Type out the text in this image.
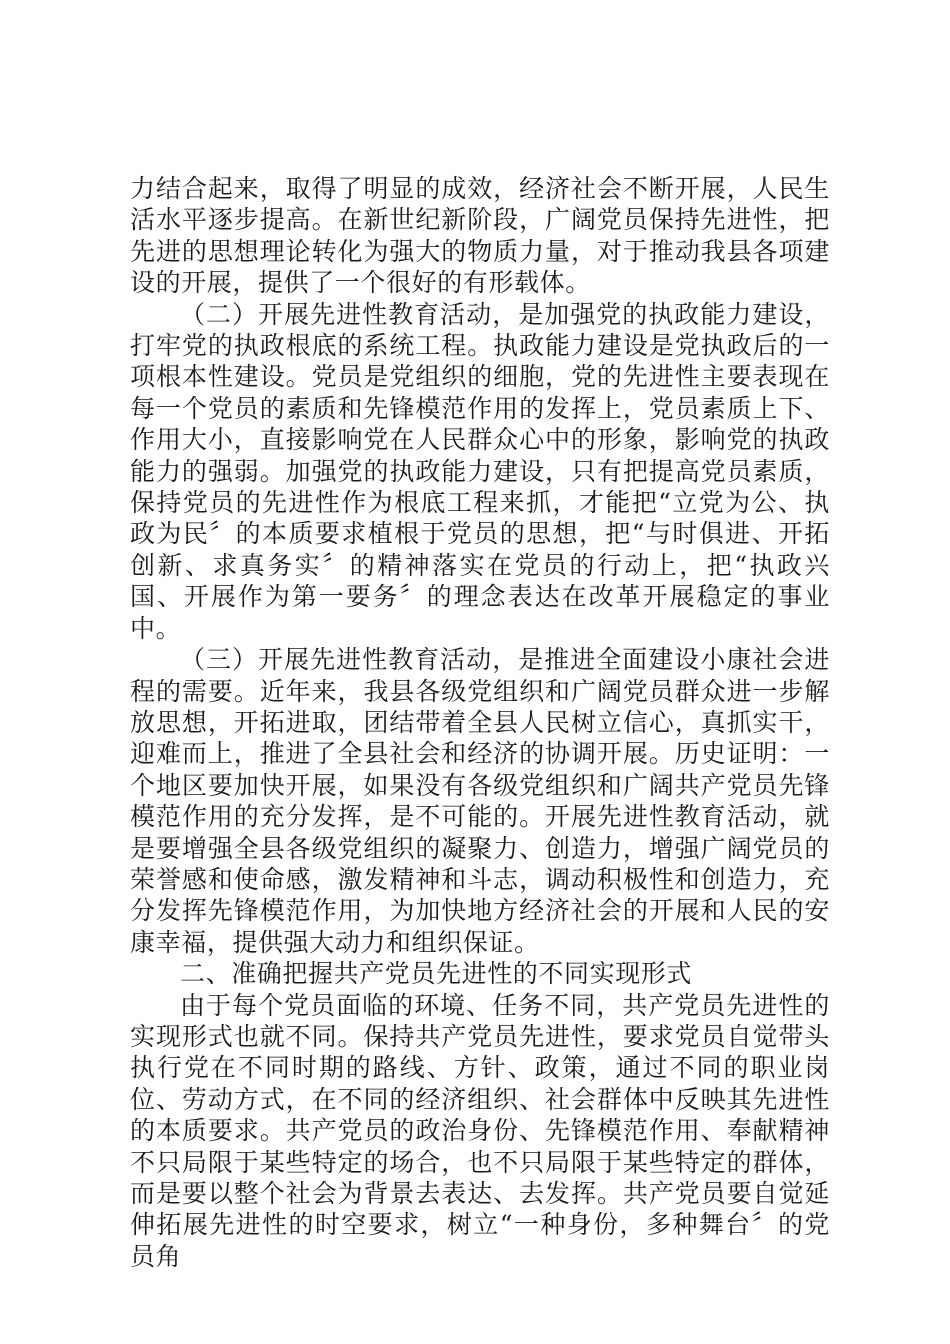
力结合起来，取得了明显的成效，经济社会不断开展，人民生活水平逐步提高。在新世纪新阶段，广阔党员保持先进性，把先进的思想理论转化为强大的物质力量，对于推动我县各项建设的开展，提供了一个很好的有形载体。

（二）开展先进性教育活动，是加强党的执政能力建设，打牢党的执政根底的系统工程。执政能力建设是党执政后的一项根本性建设。党员是党组织的细胞，党的先进性主要表现在每一个党员的素质和先锋模范作用的发挥上，党员素质上下、作用大小，直接影响党在人民群众心中的形象，影响党的执政能力的强弱。加强党的执政能力建设，只有把提高党员素质，保持党员的先进性作为根底工程来抓，才能把“立党为公、执政为民〞的本质要求植根于党员的思想，把“与时俱进、开拓创新、求真务实〞的精神落实在党员的行动上，把“执政兴国、开展作为第一要务〞的理念表达在改革开展稳定的事业中。

（三）开展先进性教育活动，是推进全面建设小康社会进程的需要。近年来，我县各级党组织和广阔党员群众进一步解放思想，开拓进取，团结带着全县人民树立信心，真抓实干，迎难而上，推进了全县社会和经济的协调开展。历史证明：一个地区要加快开展，如果没有各级党组织和广阔共产党员先锋模范作用的充分发挥，是不可能的。开展先进性教育活动，就是要增强全县各级党组织的凝聚力、创造力，增强广阔党员的荣誉感和使命感，激发精神和斗志，调动积极性和创造力，充分发挥先锋模范作用，为加快地方经济社会的开展和人民的安康幸福，提供强大动力和组织保证。

二、准确把握共产党员先进性的不同实现形式

由于每个党员面临的环境、任务不同，共产党员先进性的实现形式也就不同。保持共产党员先进性，要求党员自觉带头执行党在不同时期的路线、方针、政策，通过不同的职业岗位、劳动方式，在不同的经济组织、社会群体中反映其先进性的本质要求。共产党员的政治身份、先锋模范作用、奉献精神不只局限于某些特定的场合，也不只局限于某些特定的群体，而是要以整个社会为背景去表达、去发挥。共产党员要自觉延伸拓展先进性的时空要求，树立“一种身份，多种舞台〞的党员角
